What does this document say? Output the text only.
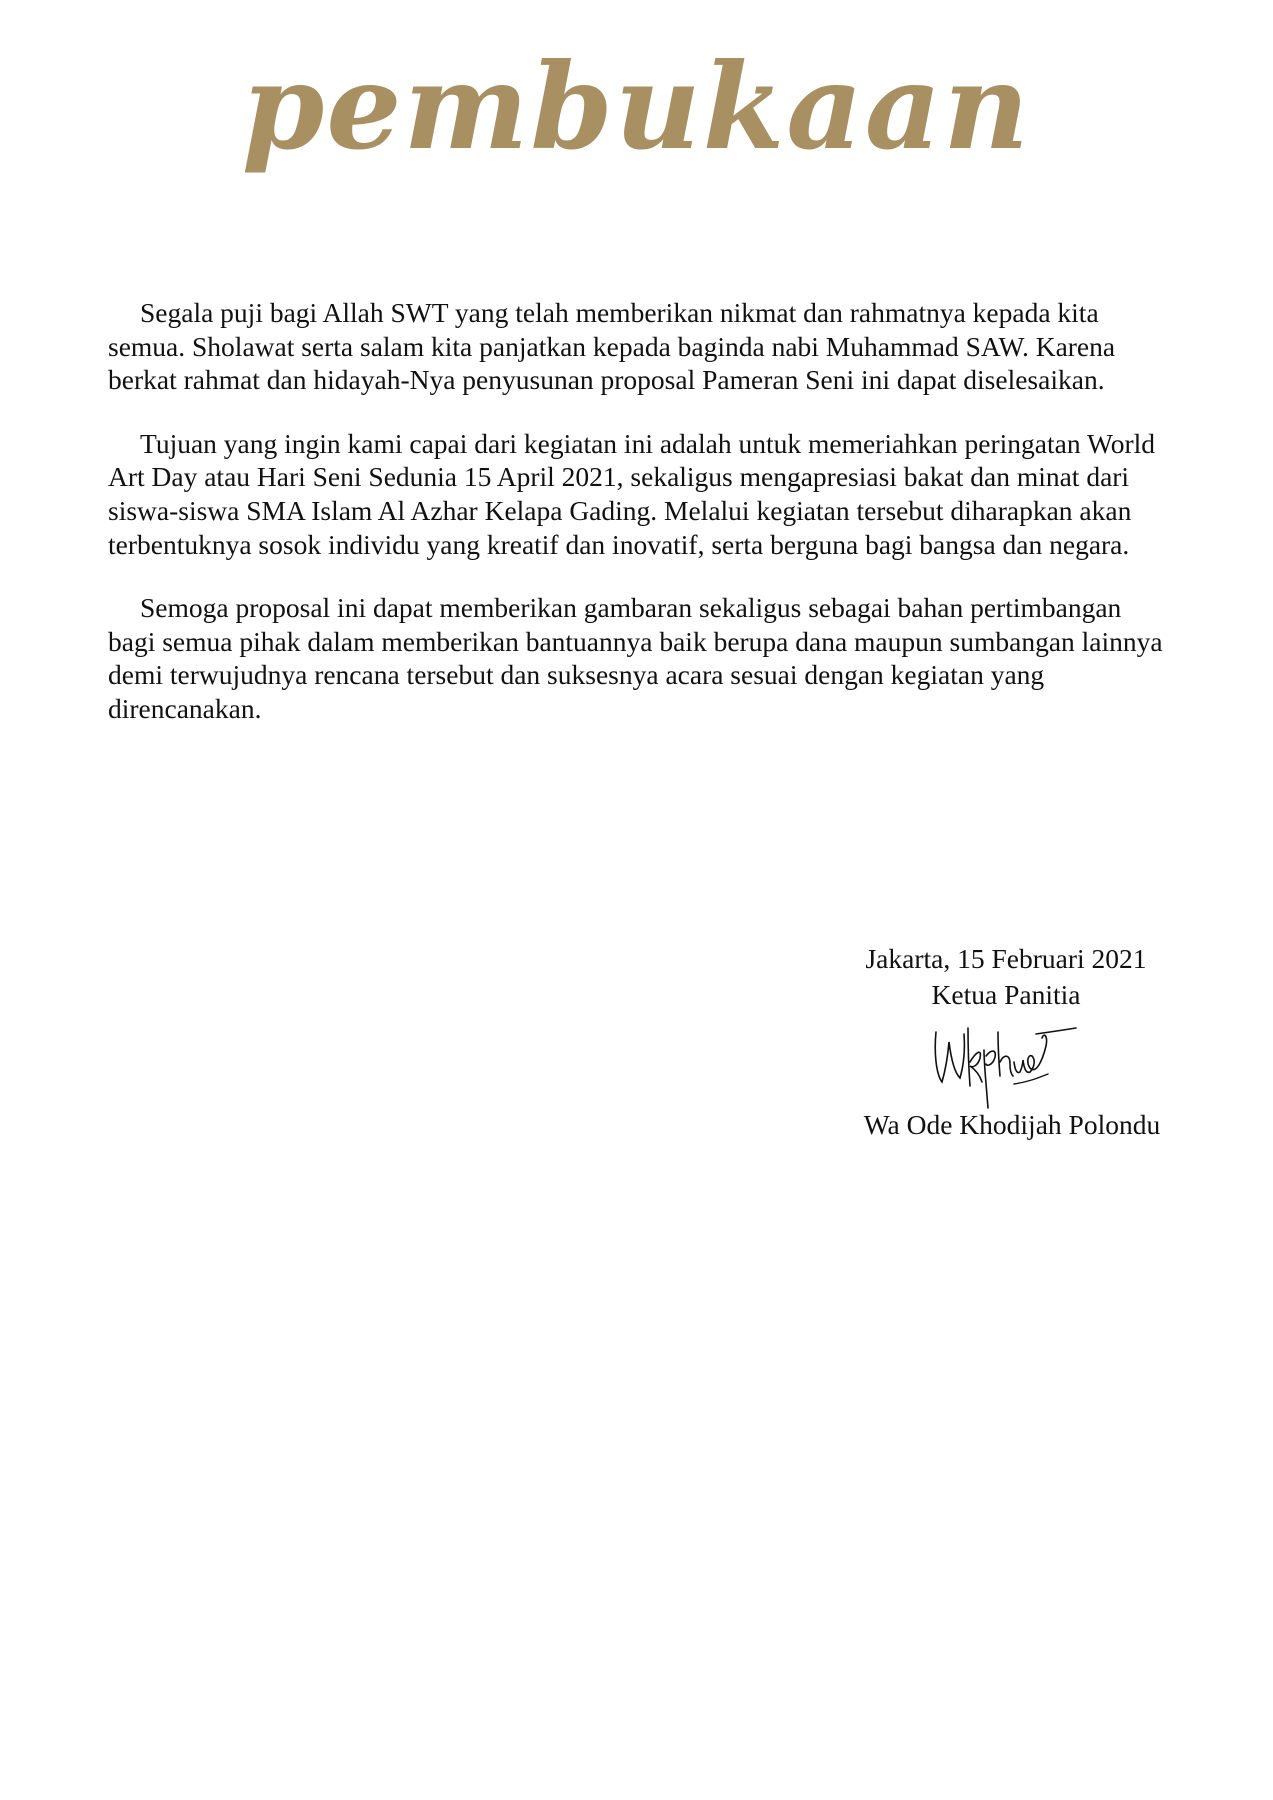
pembukaan

Segala puji bagi Allah SWT yang telah memberikan nikmat dan rahmatnya kepada kita semua. Sholawat serta salam kita panjatkan kepada baginda nabi Muhammad SAW. Karena berkat rahmat dan hidayah-Nya penyusunan proposal Pameran Seni ini dapat diselesaikan.

Tujuan yang ingin kami capai dari kegiatan ini adalah untuk memeriahkan peringatan World Art Day atau Hari Seni Sedunia 15 April 2021, sekaligus mengapresiasi bakat dan minat dari siswa-siswa SMA Islam Al Azhar Kelapa Gading. Melalui kegiatan tersebut diharapkan akan terbentuknya sosok individu yang kreatif dan inovatif, serta berguna bagi bangsa dan negara.

Semoga proposal ini dapat memberikan gambaran sekaligus sebagai bahan pertimbangan bagi semua pihak dalam memberikan bantuannya baik berupa dana maupun sumbangan lainnya demi terwujudnya rencana tersebut dan suksesnya acara sesuai dengan kegiatan yang direncanakan.

Jakarta, 15 Februari 2021
Ketua Panitia
Wa Ode Khodijah Polondu
